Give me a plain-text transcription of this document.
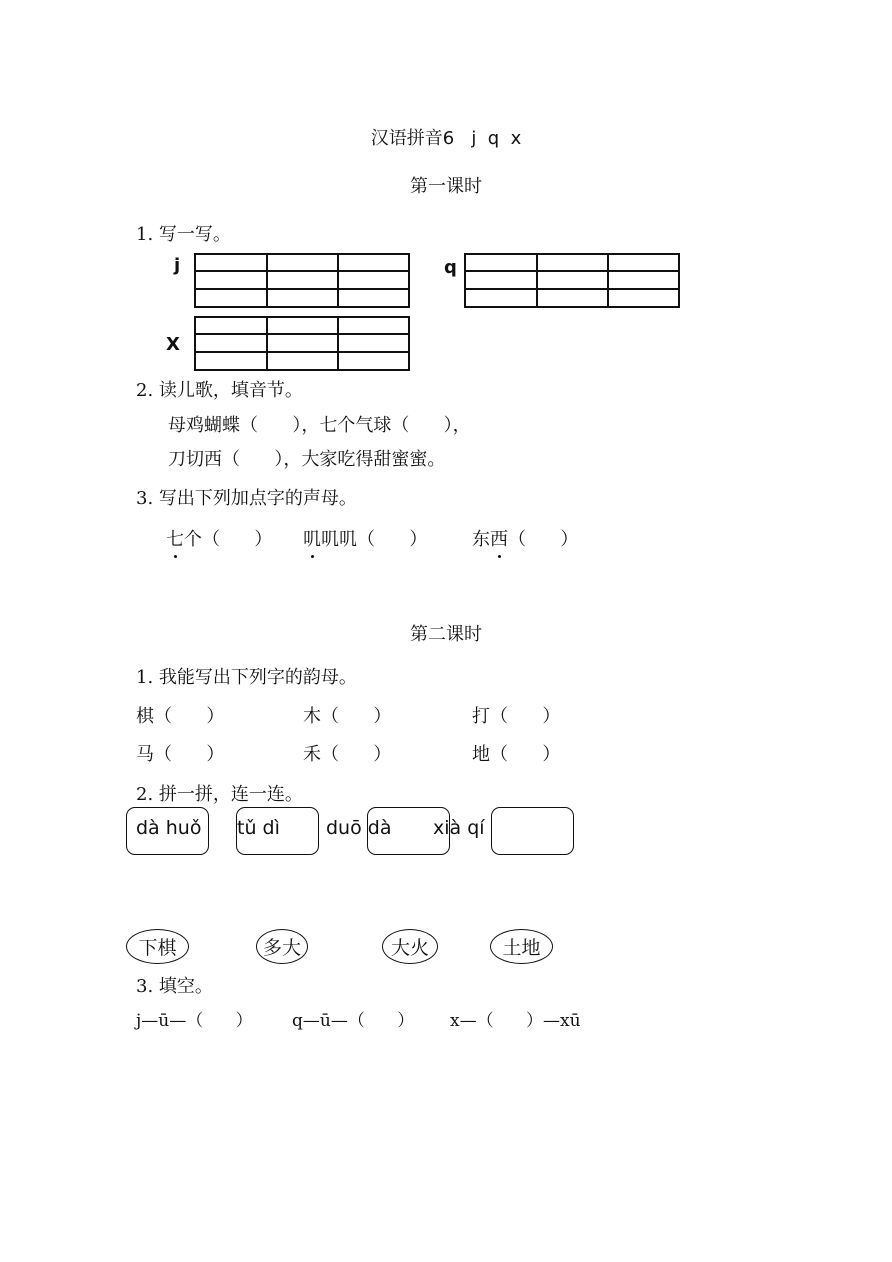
汉语拼音6   j  q  x
第一课时
1. 写一写。
j	q
X
2. 读儿歌，填音节。
母鸡蝴蝶（      ），七个气球（      ），
刀切西（      ），大家吃得甜蜜蜜。
3. 写出下列加点字的声母。
七个（      ） 叽叽叽（      ） 东西（      ）
第二课时
1. 我能写出下列字的韵母。
棋（      ）	木（      ）	打（      ）
马（      ）	禾（      ）	地（      ）
2. 拼一拼，连一连。
dà huǒ tǔ dì duō dà xià qí
下棋	多大	大火	土地
3. 填空。
j—ū—（      ） q—ū—（      ） x—（      ）—xū
